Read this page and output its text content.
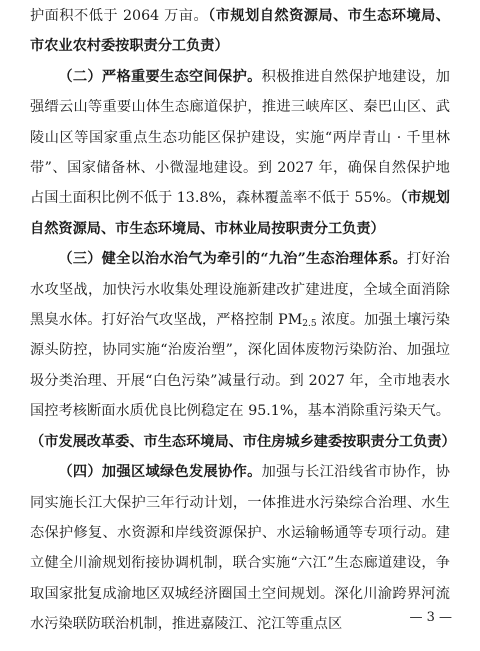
护面积不低于 2064 万亩。（市规划自然资源局、市生态环境局、市农业农村委按职责分工负责）

（二）严格重要生态空间保护。积极推进自然保护地建设，加强缙云山等重要山体生态廊道保护，推进三峡库区、秦巴山区、武陵山区等国家重点生态功能区保护建设，实施“两岸青山 · 千里林带”、国家储备林、小微湿地建设。到 2027 年，确保自然保护地占国土面积比例不低于 13.8%，森林覆盖率不低于 55%。（市规划自然资源局、市生态环境局、市林业局按职责分工负责）

（三）健全以治水治气为牵引的“九治”生态治理体系。打好治水攻坚战，加快污水收集处理设施新建改扩建进度，全域全面消除黑臭水体。打好治气攻坚战，严格控制 $PM_{2.5}$ 浓度。加强土壤污染源头防控，协同实施“治废治塑”，深化固体废物污染防治、加强垃圾分类治理、开展“白色污染”减量行动。到 2027 年，全市地表水国控考核断面水质优良比例稳定在 95.1%，基本消除重污染天气。（市发展改革委、市生态环境局、市住房城乡建委按职责分工负责）

（四）加强区域绿色发展协作。加强与长江沿线省市协作，协同实施长江大保护三年行动计划，一体推进水污染综合治理、水生态保护修复、水资源和岸线资源保护、水运输畅通等专项行动。建立健全川渝规划衔接协调机制，联合实施“六江”生态廊道建设，争取国家批复成渝地区双城经济圈国土空间规划。深化川渝跨界河流水污染联防联治机制，推进嘉陵江、沱江等重点区	— 3 —
